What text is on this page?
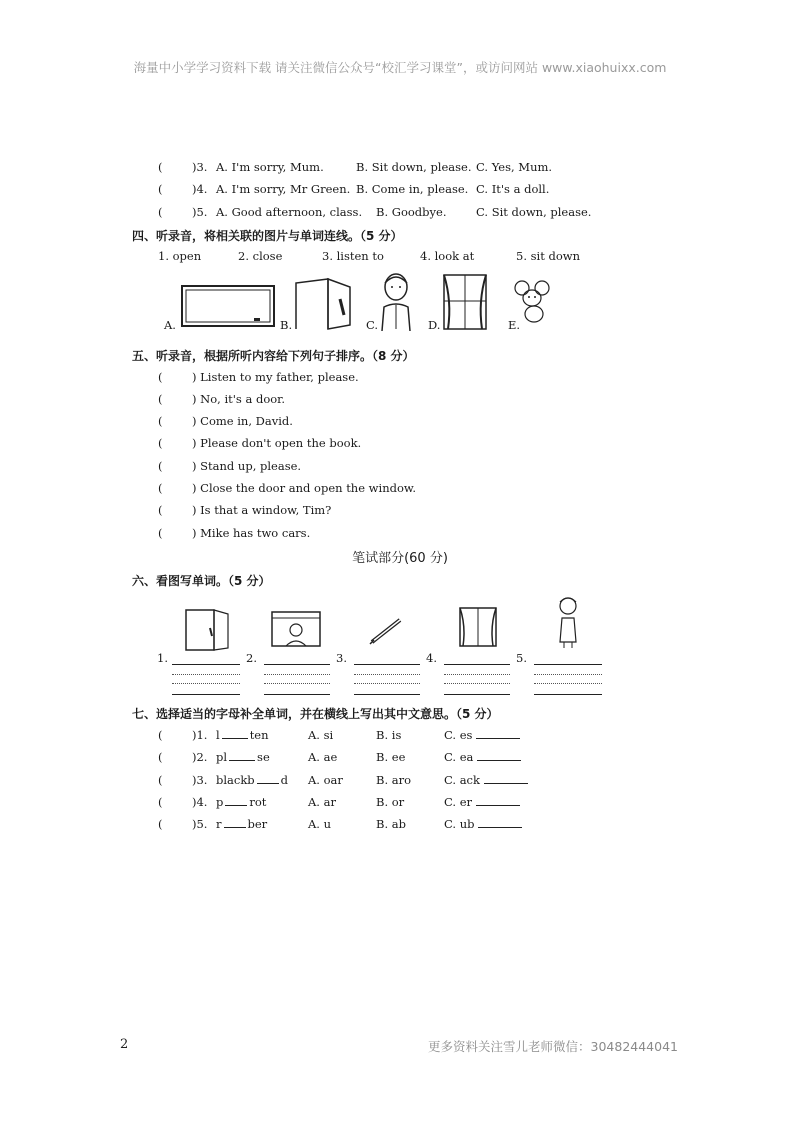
海量中小学学习资料下载 请关注微信公众号“校汇学习课堂”，或访问网站 www.xiaohuixx.com
(	)3. A. I'm sorry, Mum.	B. Sit down, please. C. Yes, Mum.
(	)4. A. I'm sorry, Mr Green. B. Come in, please. C. It's a doll.
(	)5. A. Good afternoon, class. B. Goodbye.	C. Sit down, please.
四、听录音，将相关联的图片与单词连线。（5 分）
1. open	2. close	3. listen to	4. look at	5. sit down
A.	B.	C.	D.	E.
五、听录音，根据所听内容给下列句子排序。（8 分）
(	) Listen to my father, please.
(	) No, it's a door.
(	) Come in, David.
(	) Please don't open the book.
(	) Stand up, please.
(	) Close the door and open the window.
(	) Is that a window, Tim?
(	) Mike has two cars.
笔试部分(60 分)
六、看图写单词。（5 分）
1.	2.	3.	4.	5.
七、选择适当的字母补全单词，并在横线上写出其中文意思。（5 分）
(	)1. l	ten	A. si	B. is	C. es
(	)2. pl	se	A. ae	B. ee	C. ea
(	)3. blackb d A. oar	B. aro	C. ack
(	)4. p rot	A. ar	B. or	C. er
(	)5. r ber	A. u	B. ab	C. ub
2	更多资料关注雪儿老师微信：30482444041
